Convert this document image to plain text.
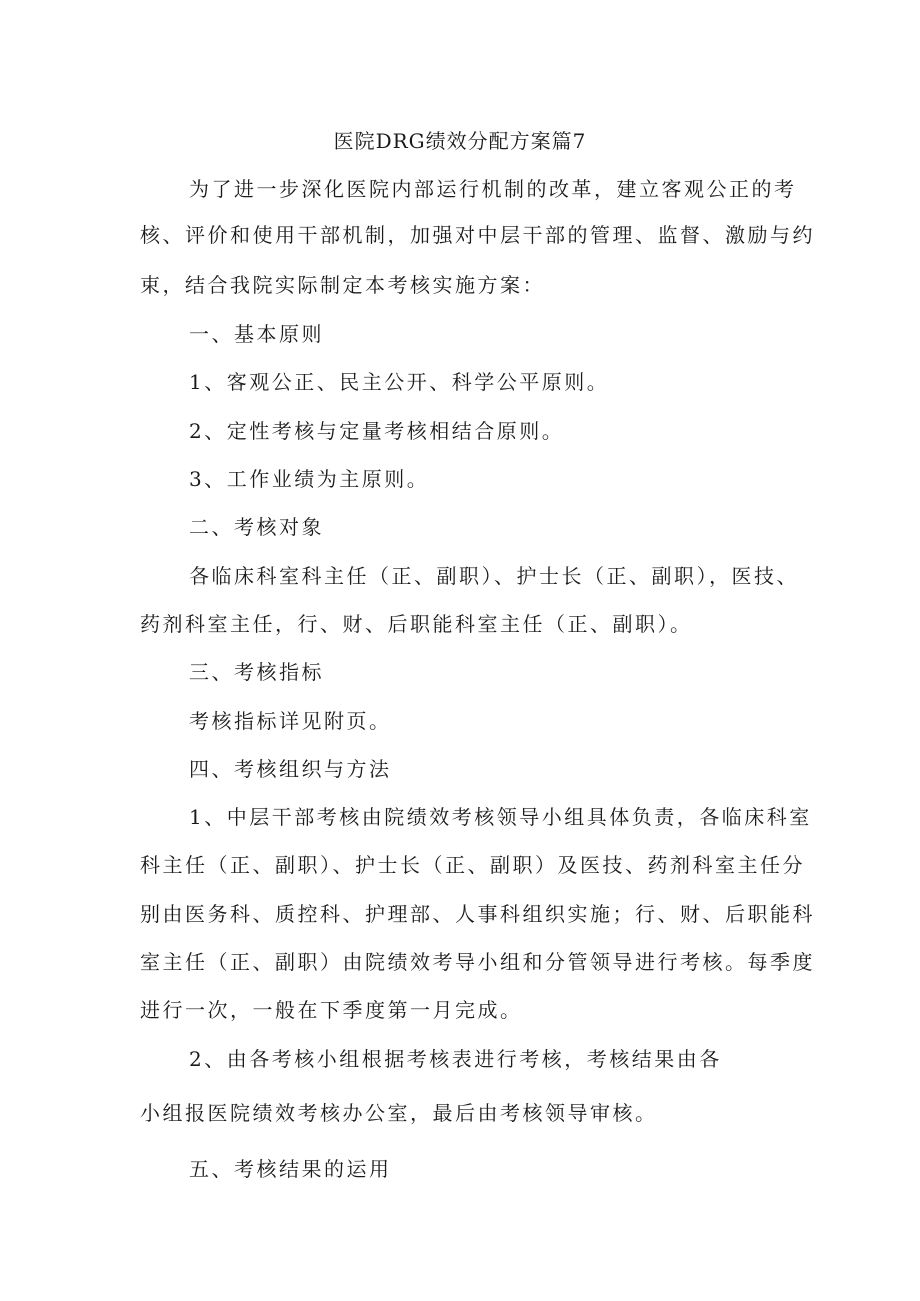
医院DRG绩效分配方案篇7
为了进一步深化医院内部运行机制的改革，建立客观公正的考
核、评价和使用干部机制，加强对中层干部的管理、监督、激励与约
束，结合我院实际制定本考核实施方案：
一、基本原则
1、客观公正、民主公开、科学公平原则。
2、定性考核与定量考核相结合原则。
3、工作业绩为主原则。
二、考核对象
各临床科室科主任（正、副职）、护士长（正、副职），医技、
药剂科室主任，行、财、后职能科室主任（正、副职）。
三、考核指标
考核指标详见附页。
四、考核组织与方法
1、中层干部考核由院绩效考核领导小组具体负责，各临床科室
科主任（正、副职）、护士长（正、副职）及医技、药剂科室主任分
别由医务科、质控科、护理部、人事科组织实施；行、财、后职能科
室主任（正、副职）由院绩效考导小组和分管领导进行考核。每季度
进行一次，一般在下季度第一月完成。
2、由各考核小组根据考核表进行考核，考核结果由各
小组报医院绩效考核办公室，最后由考核领导审核。
五、考核结果的运用
